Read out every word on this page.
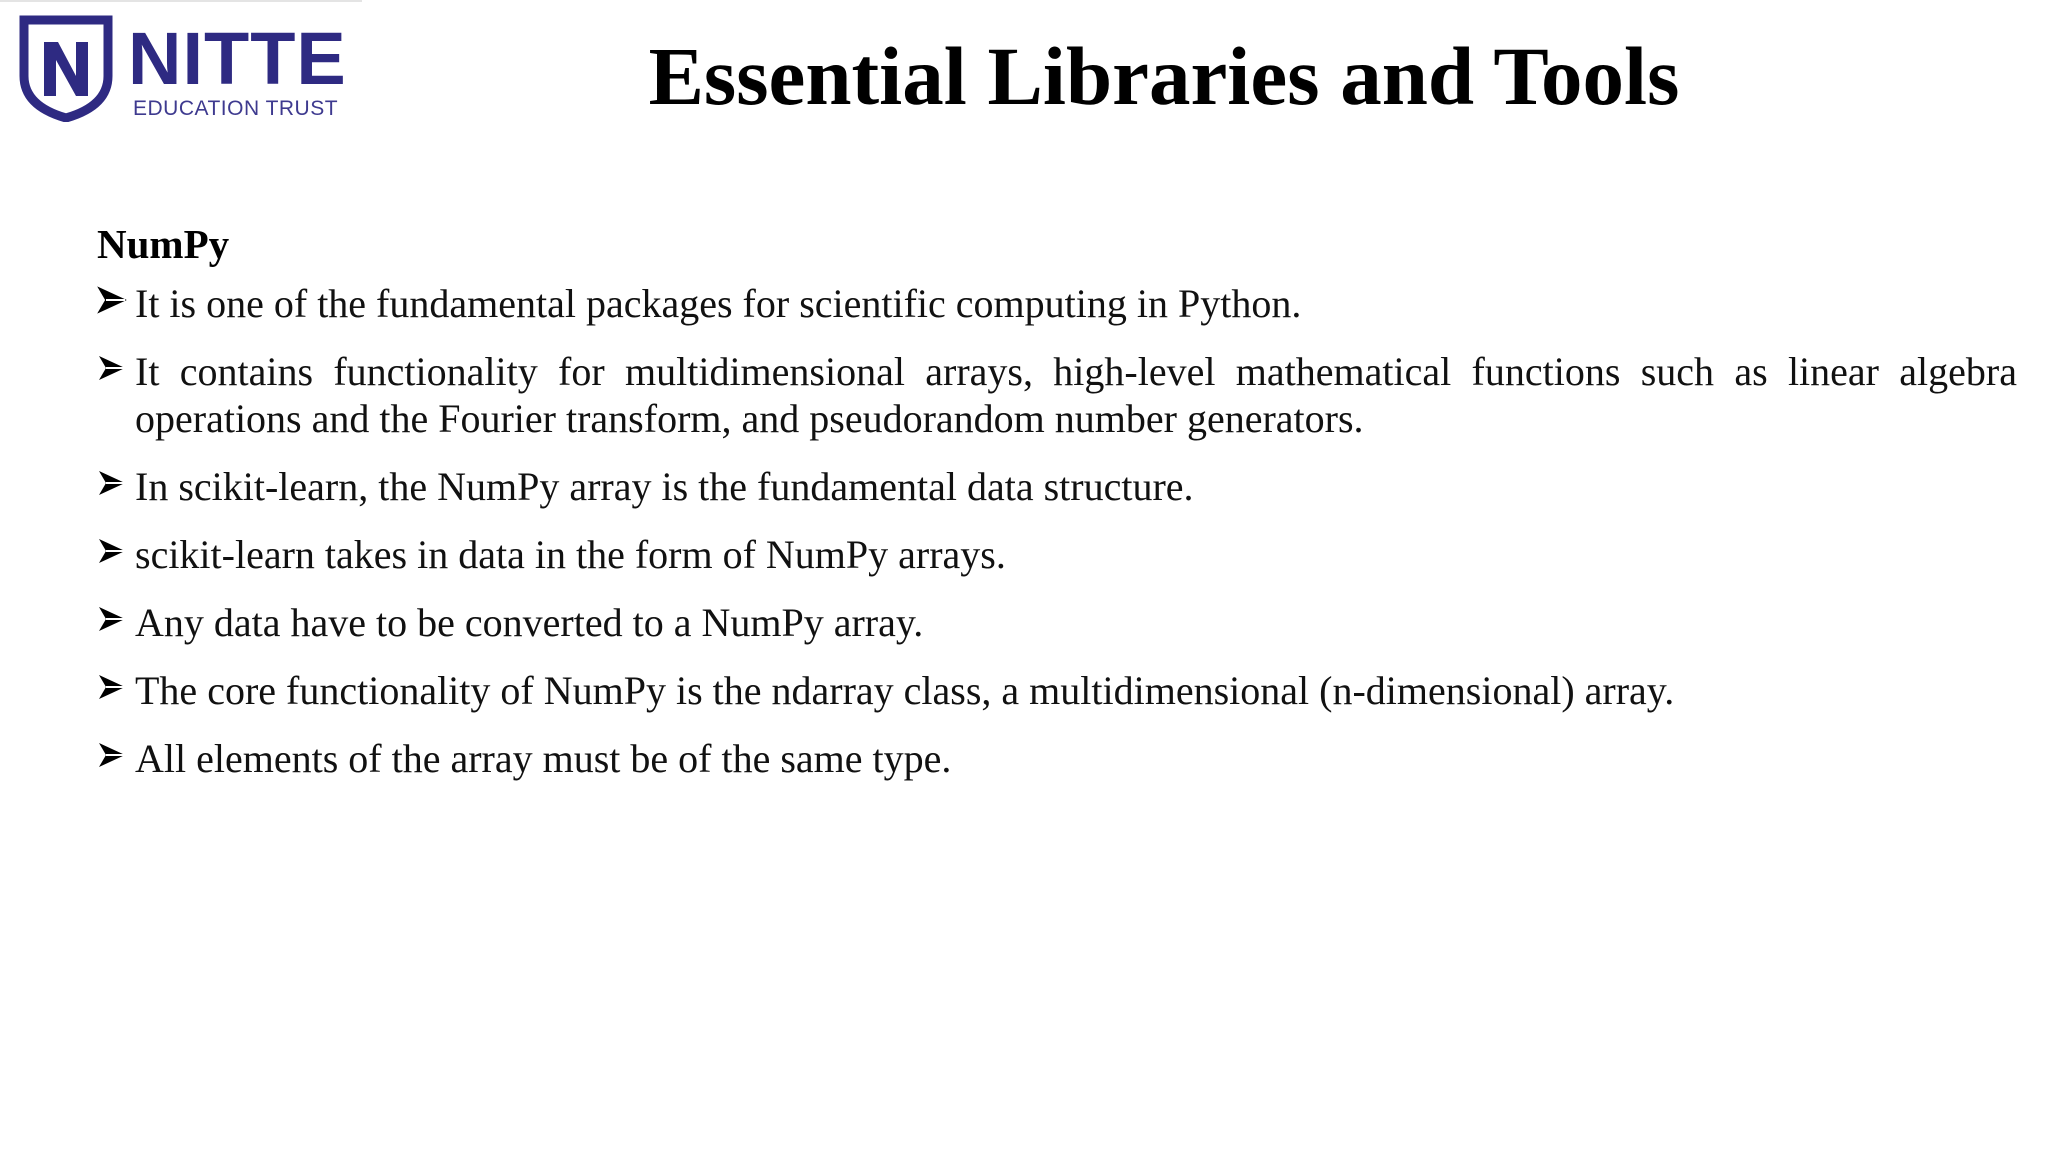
NITTE
EDUCATION TRUST	Essential Libraries and Tools
NumPy
It is one of the fundamental packages for scientific computing in Python.
It contains functionality for multidimensional arrays, high-level mathematical functions such as linear algebra operations and the Fourier transform, and pseudorandom number generators.
In scikit-learn, the NumPy array is the fundamental data structure.
scikit-learn takes in data in the form of NumPy arrays.
Any data have to be converted to a NumPy array.
The core functionality of NumPy is the ndarray class, a multidimensional (n-dimensional) array.
All elements of the array must be of the same type.
